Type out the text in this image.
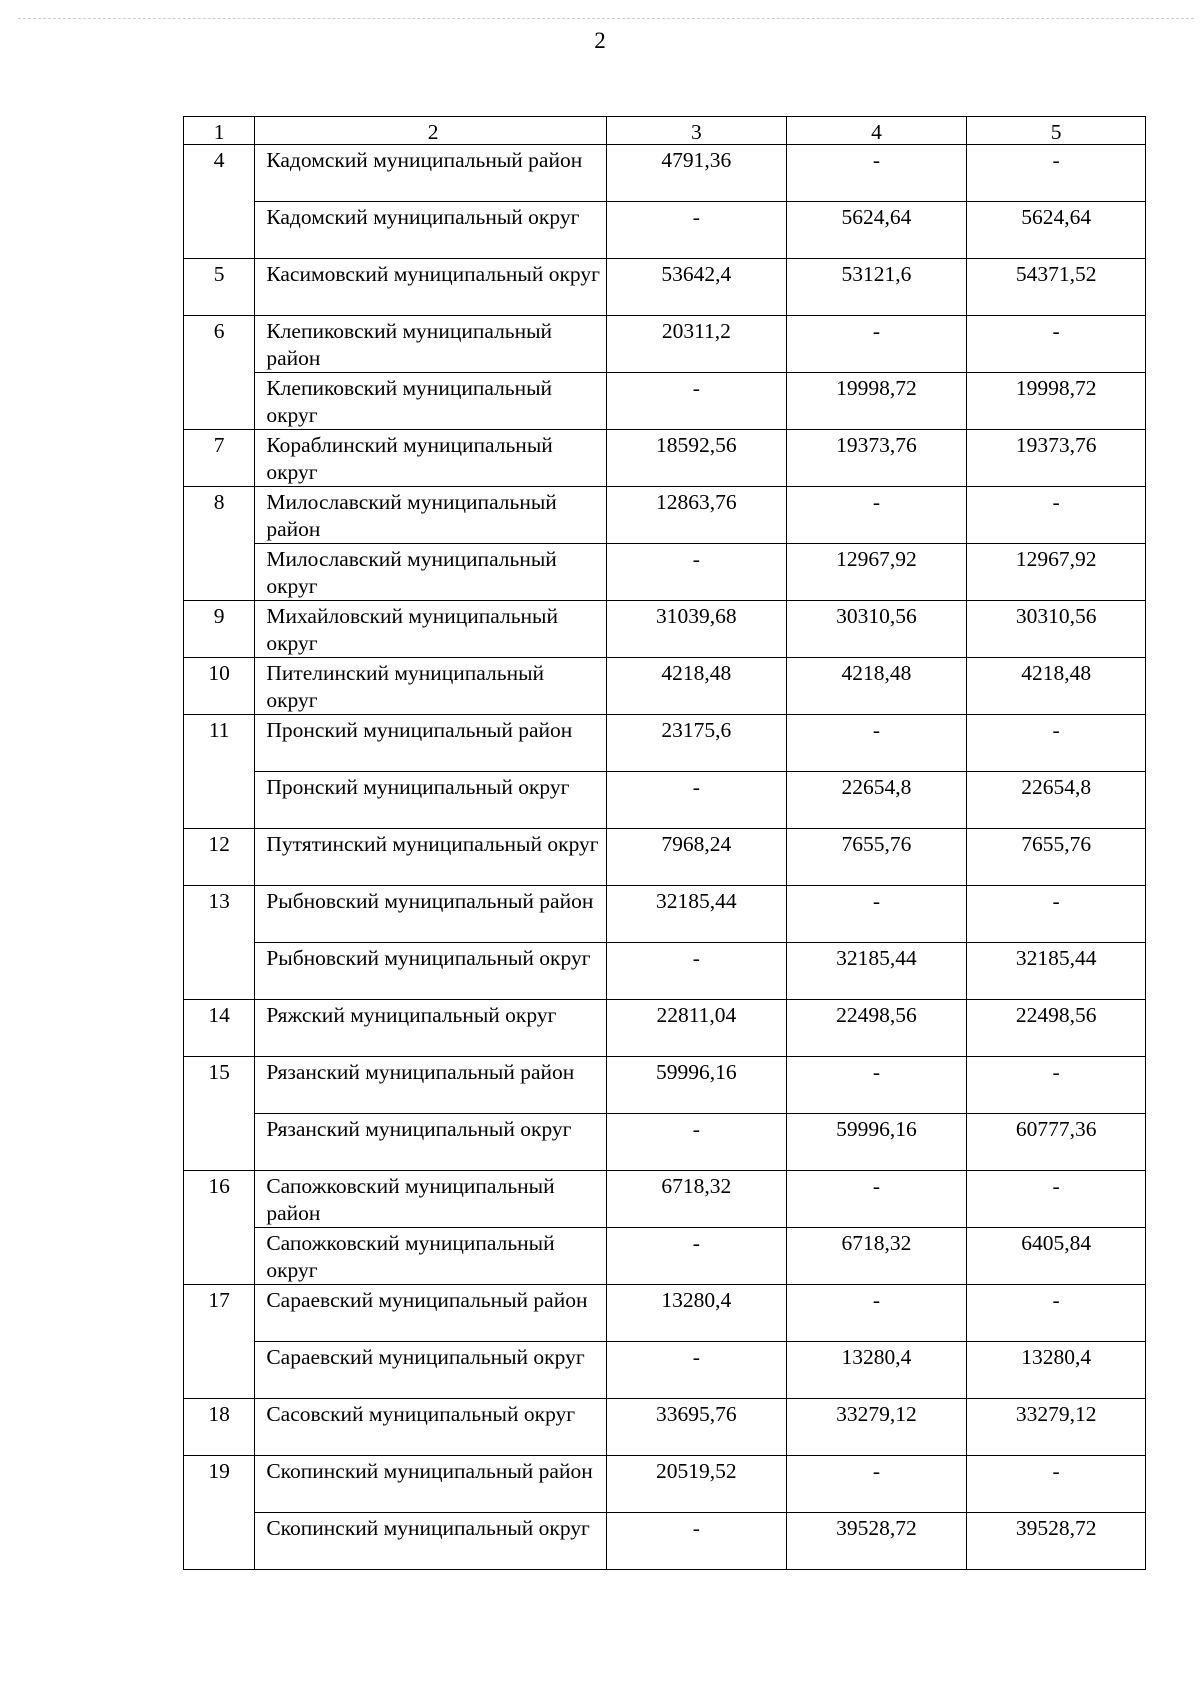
2
1	2	3	4	5
4	Кадомский муниципальный район	4791,36	-	-

	Кадомский муниципальный округ	-	5624,64	5624,64
5	Касимовский муниципальный округ	53642,4	53121,6	54371,52
6	Клепиковский муниципальный район	20311,2	-	-

	Клепиковский муниципальный округ	-	19998,72	19998,72
7	Кораблинский муниципальный округ	18592,56	19373,76	19373,76
8	Милославский муниципальный район	12863,76	-	-

	Милославский муниципальный округ	-	12967,92	12967,92
9	Михайловский муниципальный округ	31039,68	30310,56	30310,56
10	Пителинский муниципальный округ	4218,48	4218,48	4218,48
11	Пронский муниципальный район	23175,6	-	-

	Пронский муниципальный округ	-	22654,8	22654,8
12	Путятинский муниципальный округ	7968,24	7655,76	7655,76
13	Рыбновский муниципальный район	32185,44	-	-

	Рыбновский муниципальный округ	-	32185,44	32185,44
14	Ряжский муниципальный округ	22811,04	22498,56	22498,56
15	Рязанский муниципальный район	59996,16	-	-

	Рязанский муниципальный округ	-	59996,16	60777,36
16	Сапожковский муниципальный район	6718,32	-	-

	Сапожковский муниципальный округ	-	6718,32	6405,84
17	Сараевский муниципальный район	13280,4	-	-

	Сараевский муниципальный округ	-	13280,4	13280,4
18	Сасовский муниципальный округ	33695,76	33279,12	33279,12
19	Скопинский муниципальный район	20519,52	-	-

	Скопинский муниципальный округ	-	39528,72	39528,72
